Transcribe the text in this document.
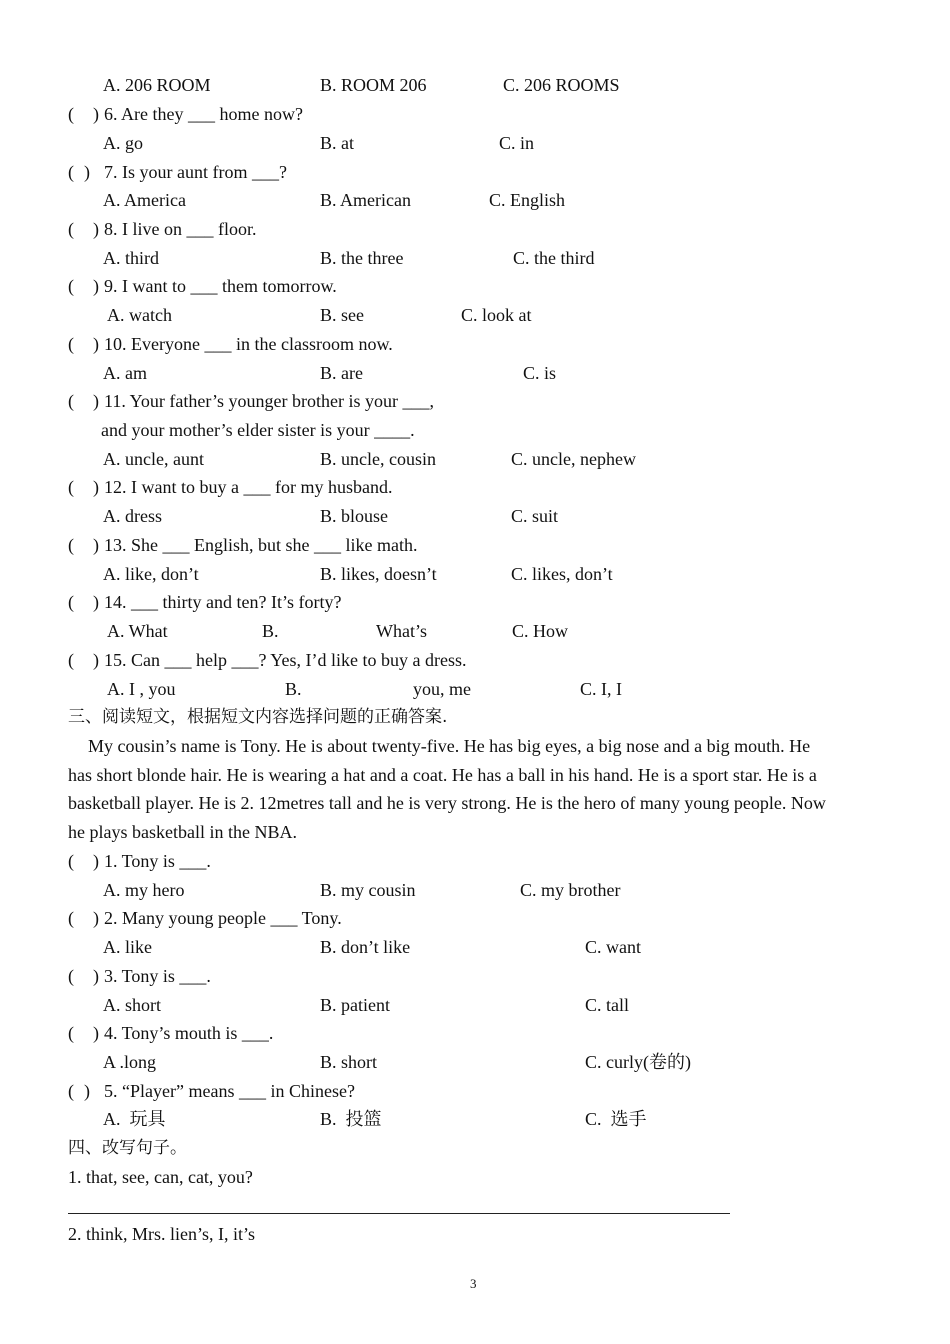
A. 206 ROOM	B. ROOM 206	C. 206 ROOMS
( ) 6. Are they ___ home now?
A. go	B. at	C. in
( ) 7. Is your aunt from ___?
A. America	B. American	C. English
( ) 8. I live on ___ floor.
A. third	B. the three	C. the third
( ) 9. I want to ___ them tomorrow.
A. watch	B. see	C. look at
( ) 10. Everyone ___ in the classroom now.
A. am	B. are	C. is
( ) 11. Your father’s younger brother is your ___,
and your mother’s elder sister is your ____.
A. uncle, aunt	B. uncle, cousin	C. uncle, nephew
( ) 12. I want to buy a ___ for my husband.
A. dress	B. blouse	C. suit
( ) 13. She ___ English, but she ___ like math.
A. like, don’t	B. likes, doesn’t	C. likes, don’t
( ) 14. ___ thirty and ten? It’s forty?
A. What	B.	What’s	C. How
( ) 15. Can ___ help ___? Yes, I’d like to buy a dress.
A. I , you	B.	you, me	C. I, I
三、阅读短文，根据短文内容选择问题的正确答案.
My cousin’s name is Tony. He is about twenty-five. He has big eyes, a big nose and a big mouth. He
has short blonde hair. He is wearing a hat and a coat. He has a ball in his hand. He is a sport star. He is a
basketball player. He is 2. 12metres tall and he is very strong. He is the hero of many young people. Now
he plays basketball in the NBA.
( ) 1. Tony is ___.
A. my hero	B. my cousin	C. my brother
( ) 2. Many young people ___ Tony.
A. like	B. don’t like	C. want
( ) 3. Tony is ___.
A. short	B. patient	C. tall
( ) 4. Tony’s mouth is ___.
A .long	B. short	C. curly(卷的)
( ) 5. “Player” means ___ in Chinese?
A.  玩具	B.  投篮	C.  选手
四、改写句子。
1. that, see, can, cat, you?
2. think, Mrs. lien’s, I, it’s
3
